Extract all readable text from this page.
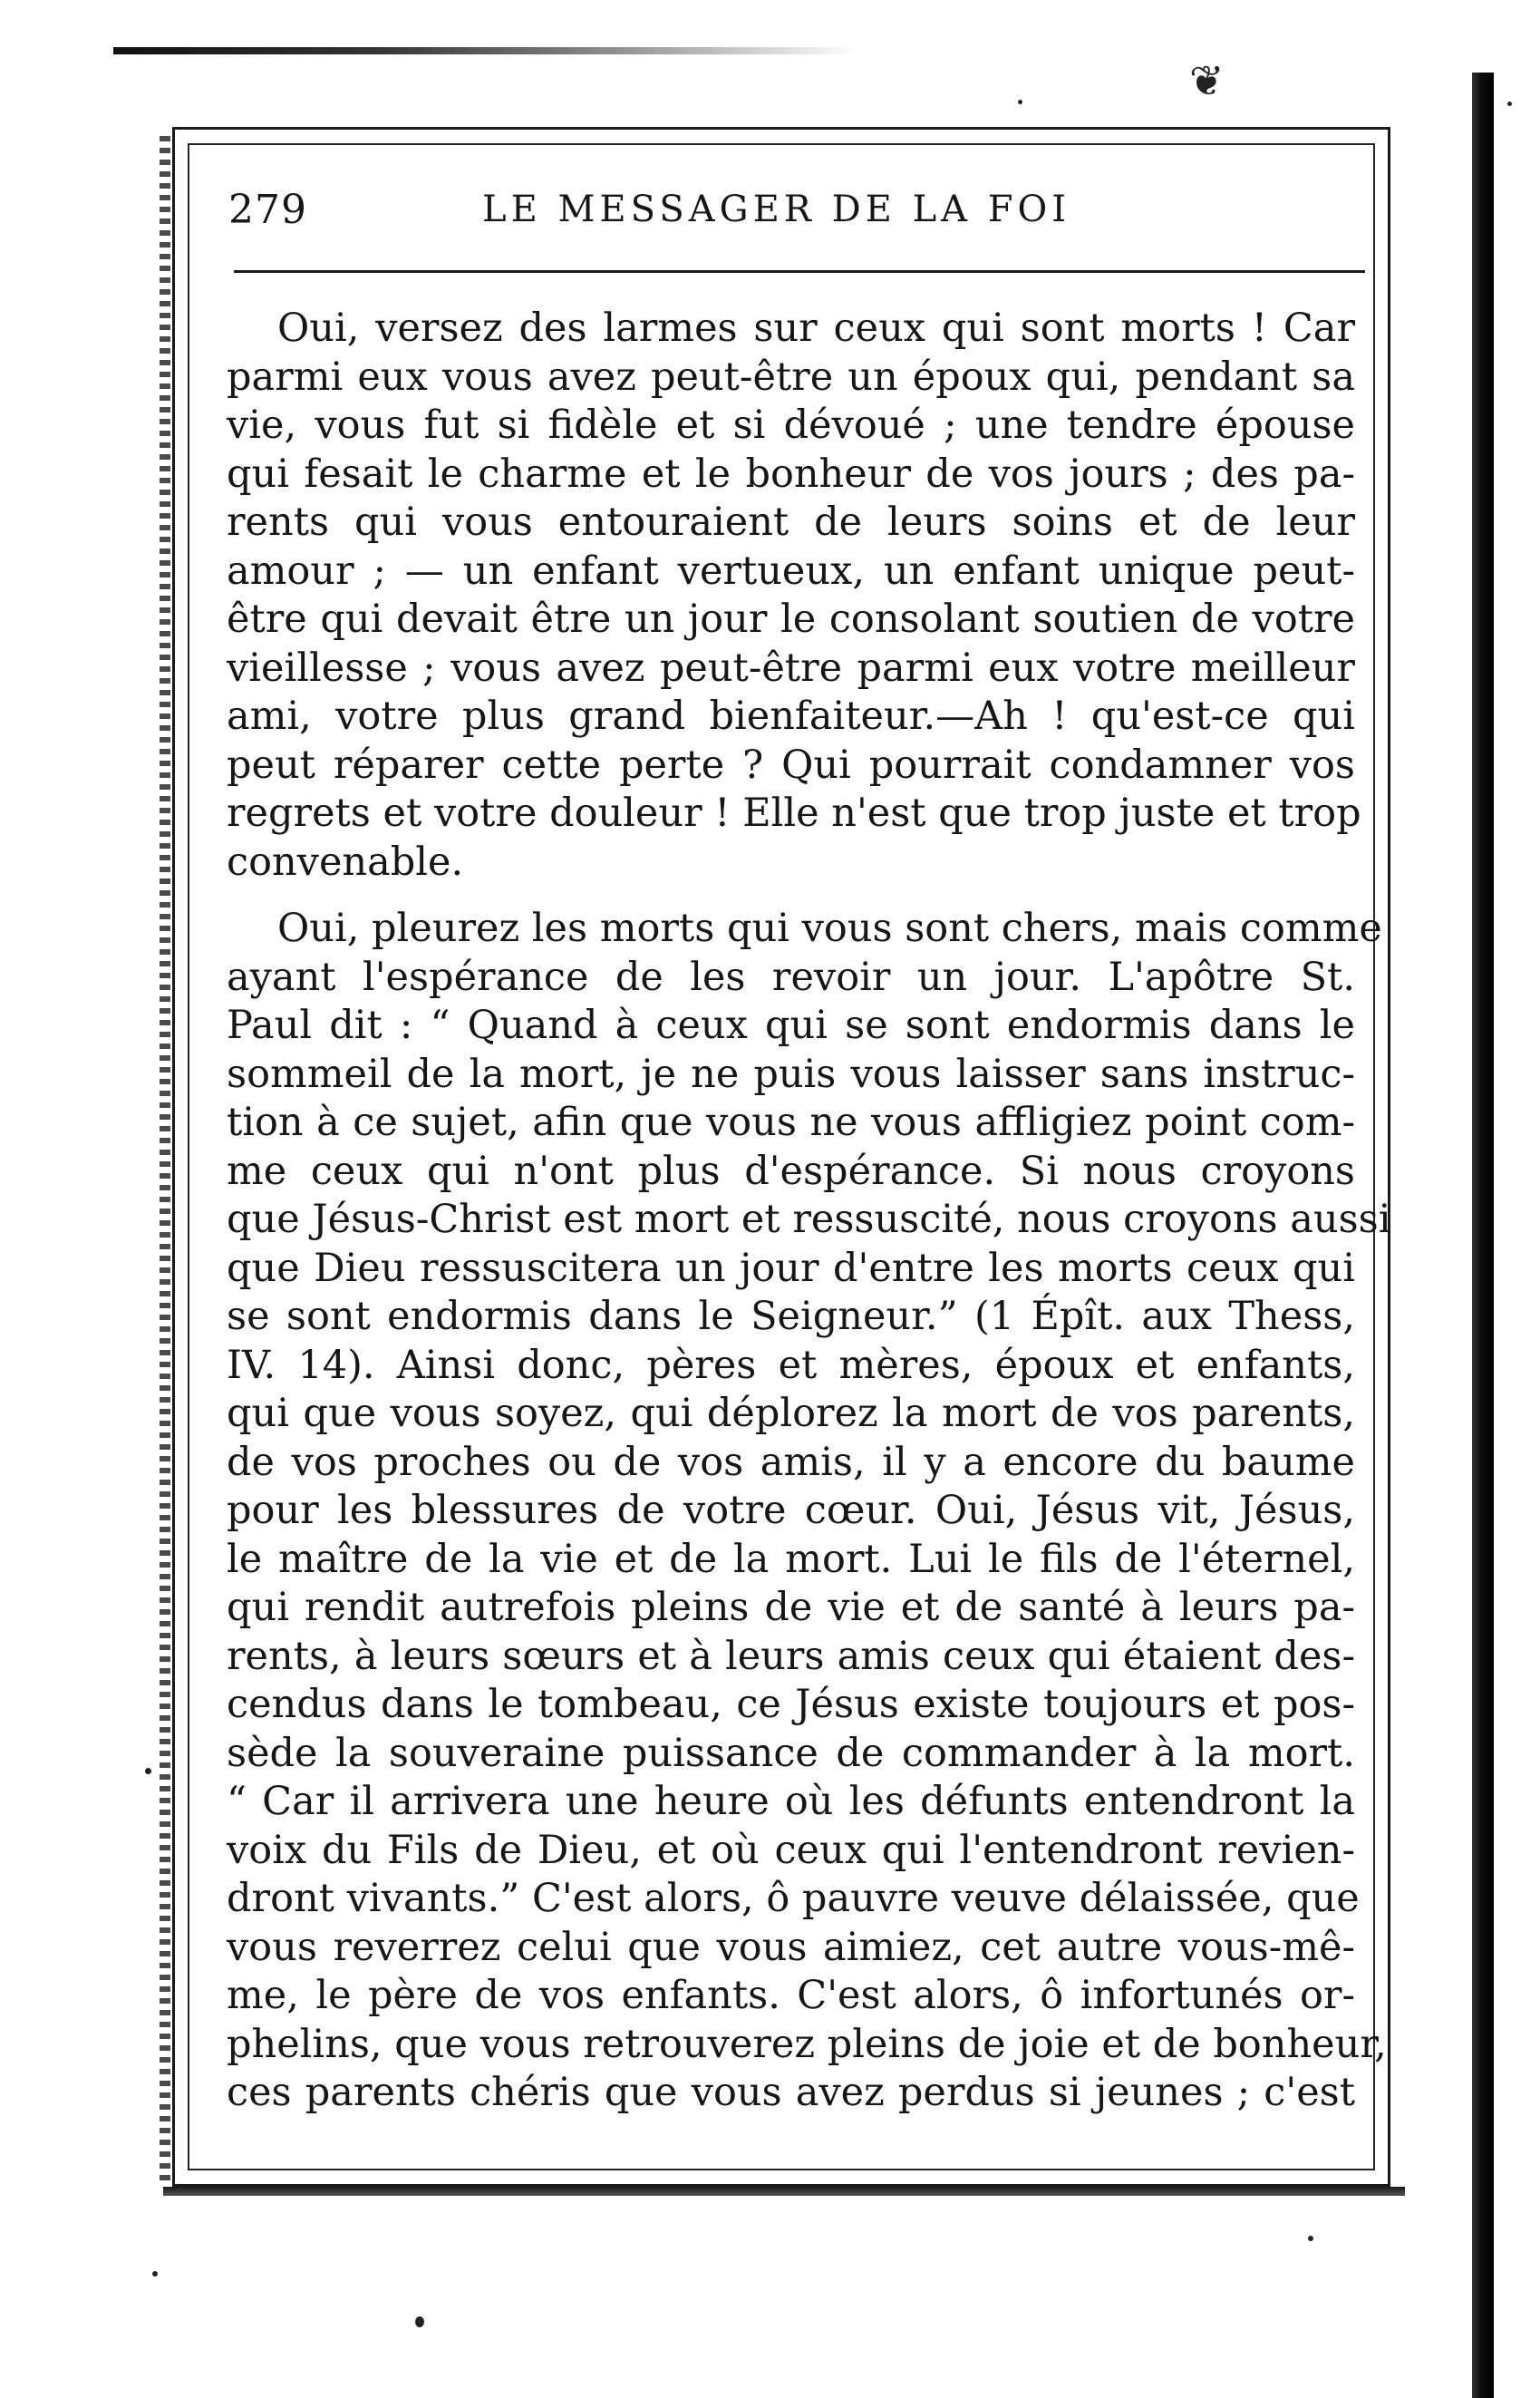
❦
279	LE MESSAGER DE LA FOI
Oui, versez des larmes sur ceux qui sont morts ! Car
parmi eux vous avez peut-être un époux qui, pendant sa
vie, vous fut si fidèle et si dévoué ; une tendre épouse
qui fesait le charme et le bonheur de vos jours ; des pa-
rents qui vous entouraient de leurs soins et de leur
amour ; — un enfant vertueux, un enfant unique peut-
être qui devait être un jour le consolant soutien de votre
vieillesse ; vous avez peut-être parmi eux votre meilleur
ami, votre plus grand bienfaiteur.—Ah ! qu'est-ce qui
peut réparer cette perte ? Qui pourrait condamner vos
regrets et votre douleur ! Elle n'est que trop juste et trop
convenable.
Oui, pleurez les morts qui vous sont chers, mais comme
ayant l'espérance de les revoir un jour. L'apôtre St.
Paul dit : “ Quand à ceux qui se sont endormis dans le
sommeil de la mort, je ne puis vous laisser sans instruc-
tion à ce sujet, afin que vous ne vous affligiez point com-
me ceux qui n'ont plus d'espérance. Si nous croyons
que Jésus-Christ est mort et ressuscité, nous croyons aussi
que Dieu ressuscitera un jour d'entre les morts ceux qui
se sont endormis dans le Seigneur.” (1 Épît. aux Thess,
IV. 14). Ainsi donc, pères et mères, époux et enfants,
qui que vous soyez, qui déplorez la mort de vos parents,
de vos proches ou de vos amis, il y a encore du baume
pour les blessures de votre cœur. Oui, Jésus vit, Jésus,
le maître de la vie et de la mort. Lui le fils de l'éternel,
qui rendit autrefois pleins de vie et de santé à leurs pa-
rents, à leurs sœurs et à leurs amis ceux qui étaient des-
cendus dans le tombeau, ce Jésus existe toujours et pos-
sède la souveraine puissance de commander à la mort.
“ Car il arrivera une heure où les défunts entendront la
voix du Fils de Dieu, et où ceux qui l'entendront revien-
dront vivants.” C'est alors, ô pauvre veuve délaissée, que
vous reverrez celui que vous aimiez, cet autre vous-mê-
me, le père de vos enfants. C'est alors, ô infortunés or-
phelins, que vous retrouverez pleins de joie et de bonheur,
ces parents chéris que vous avez perdus si jeunes ; c'est
